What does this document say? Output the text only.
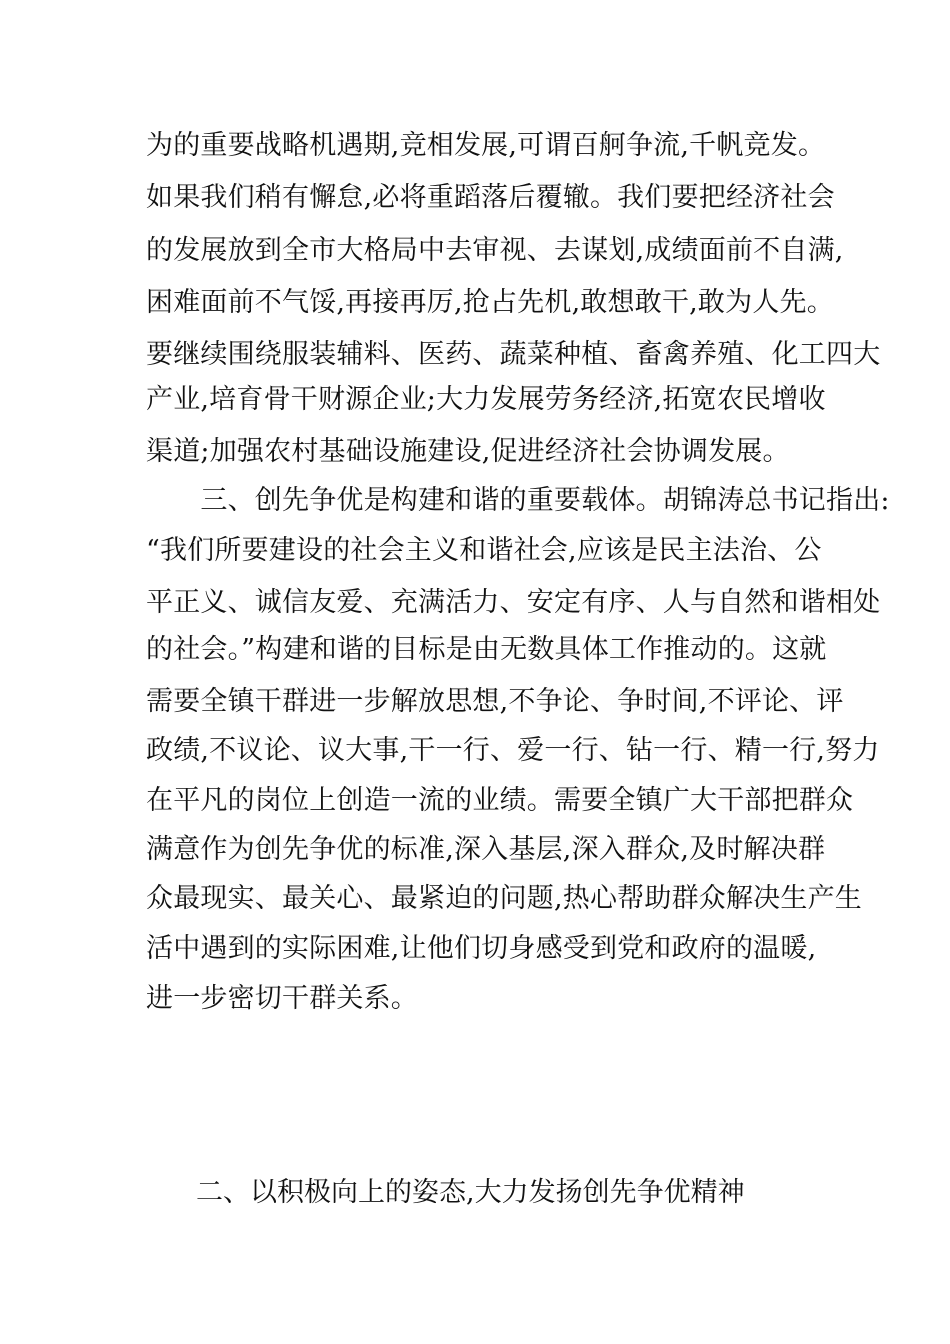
为的重要战略机遇期,竞相发展,可谓百舸争流,千帆竞发。
如果我们稍有懈怠,必将重蹈落后覆辙。我们要把经济社会
的发展放到全市大格局中去审视、去谋划,成绩面前不自满,
困难面前不气馁,再接再厉,抢占先机,敢想敢干,敢为人先。
要继续围绕服装辅料、医药、蔬菜种植、畜禽养殖、化工四大
产业,培育骨干财源企业;大力发展劳务经济,拓宽农民增收
渠道;加强农村基础设施建设,促进经济社会协调发展。
　　三、创先争优是构建和谐的重要载体。胡锦涛总书记指出:
“我们所要建设的社会主义和谐社会,应该是民主法治、公
平正义、诚信友爱、充满活力、安定有序、人与自然和谐相处
的社会。”构建和谐的目标是由无数具体工作推动的。这就
需要全镇干群进一步解放思想,不争论、争时间,不评论、评
政绩,不议论、议大事,干一行、爱一行、钻一行、精一行,努力
在平凡的岗位上创造一流的业绩。需要全镇广大干部把群众
满意作为创先争优的标准,深入基层,深入群众,及时解决群
众最现实、最关心、最紧迫的问题,热心帮助群众解决生产生
活中遇到的实际困难,让他们切身感受到党和政府的温暖,
进一步密切干群关系。
二、以积极向上的姿态,大力发扬创先争优精神
